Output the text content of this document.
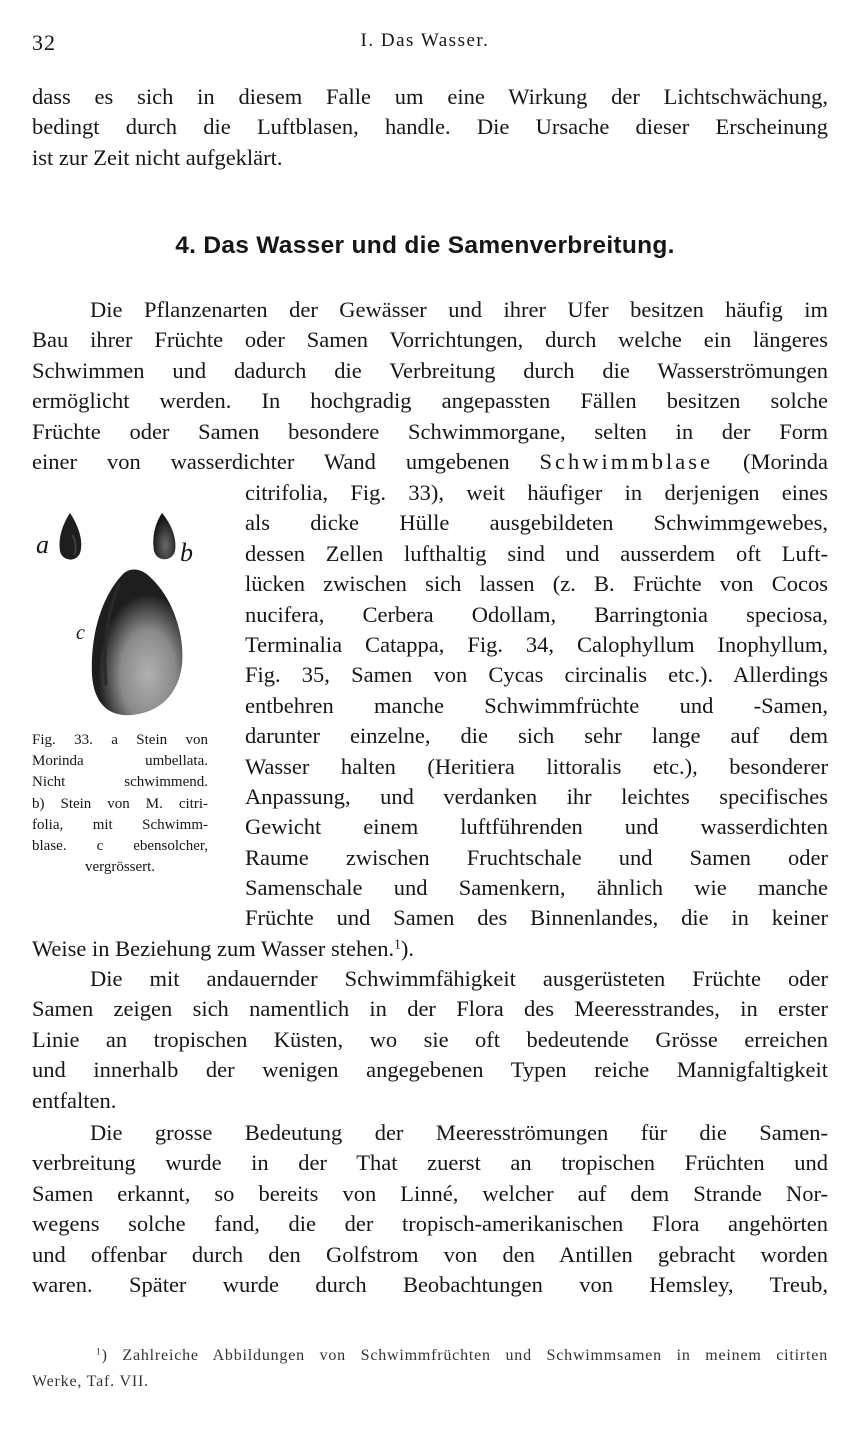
32	I. Das Wasser.
dass es sich in diesem Falle um eine Wirkung der Lichtschwächung,
bedingt durch die Luftblasen, handle. Die Ursache dieser Erscheinung
ist zur Zeit nicht aufgeklärt.
4. Das Wasser und die Samenverbreitung.
Die Pflanzenarten der Gewässer und ihrer Ufer besitzen häufig im
Bau ihrer Früchte oder Samen Vorrichtungen, durch welche ein längeres
Schwimmen und dadurch die Verbreitung durch die Wasserströmungen
ermöglicht werden. In hochgradig angepassten Fällen besitzen solche
Früchte oder Samen besondere Schwimmorgane, selten in der Form
einer von wasserdichter Wand umgebenen Schwimmblase (Morinda
citrifolia, Fig. 33), weit häufiger in derjenigen eines
als dicke Hülle ausgebildeten Schwimmgewebes,
dessen Zellen lufthaltig sind und ausserdem oft Luft-
lücken zwischen sich lassen (z. B. Früchte von Cocos
nucifera, Cerbera Odollam, Barringtonia speciosa,
Terminalia Catappa, Fig. 34, Calophyllum Inophyllum,
Fig. 35, Samen von Cycas circinalis etc.). Allerdings
entbehren manche Schwimmfrüchte und -Samen,
darunter einzelne, die sich sehr lange auf dem
Wasser halten (Heritiera littoralis etc.), besonderer
Anpassung, und verdanken ihr leichtes specifisches
Gewicht einem luftführenden und wasserdichten
Raume zwischen Fruchtschale und Samen oder
Samenschale und Samenkern, ähnlich wie manche
Früchte und Samen des Binnenlandes, die in keiner
a	b
c
Fig. 33. a Stein von
Morinda umbellata.
Nicht schwimmend.
b) Stein von M. citri-
folia, mit Schwimm-
blase. c ebensolcher,
vergrössert.
Weise in Beziehung zum Wasser stehen.$^1$).
Die mit andauernder Schwimmfähigkeit ausgerüsteten Früchte oder
Samen zeigen sich namentlich in der Flora des Meeresstrandes, in erster
Linie an tropischen Küsten, wo sie oft bedeutende Grösse erreichen
und innerhalb der wenigen angegebenen Typen reiche Mannigfaltigkeit
entfalten.
Die grosse Bedeutung der Meeresströmungen für die Samen-
verbreitung wurde in der That zuerst an tropischen Früchten und
Samen erkannt, so bereits von Linné, welcher auf dem Strande Nor-
wegens solche fand, die der tropisch-amerikanischen Flora angehörten
und offenbar durch den Golfstrom von den Antillen gebracht worden
waren. Später wurde durch Beobachtungen von Hemsley, Treub,
$^1$) Zahlreiche Abbildungen von Schwimmfrüchten und Schwimmsamen in meinem citirten
Werke, Taf. VII.
